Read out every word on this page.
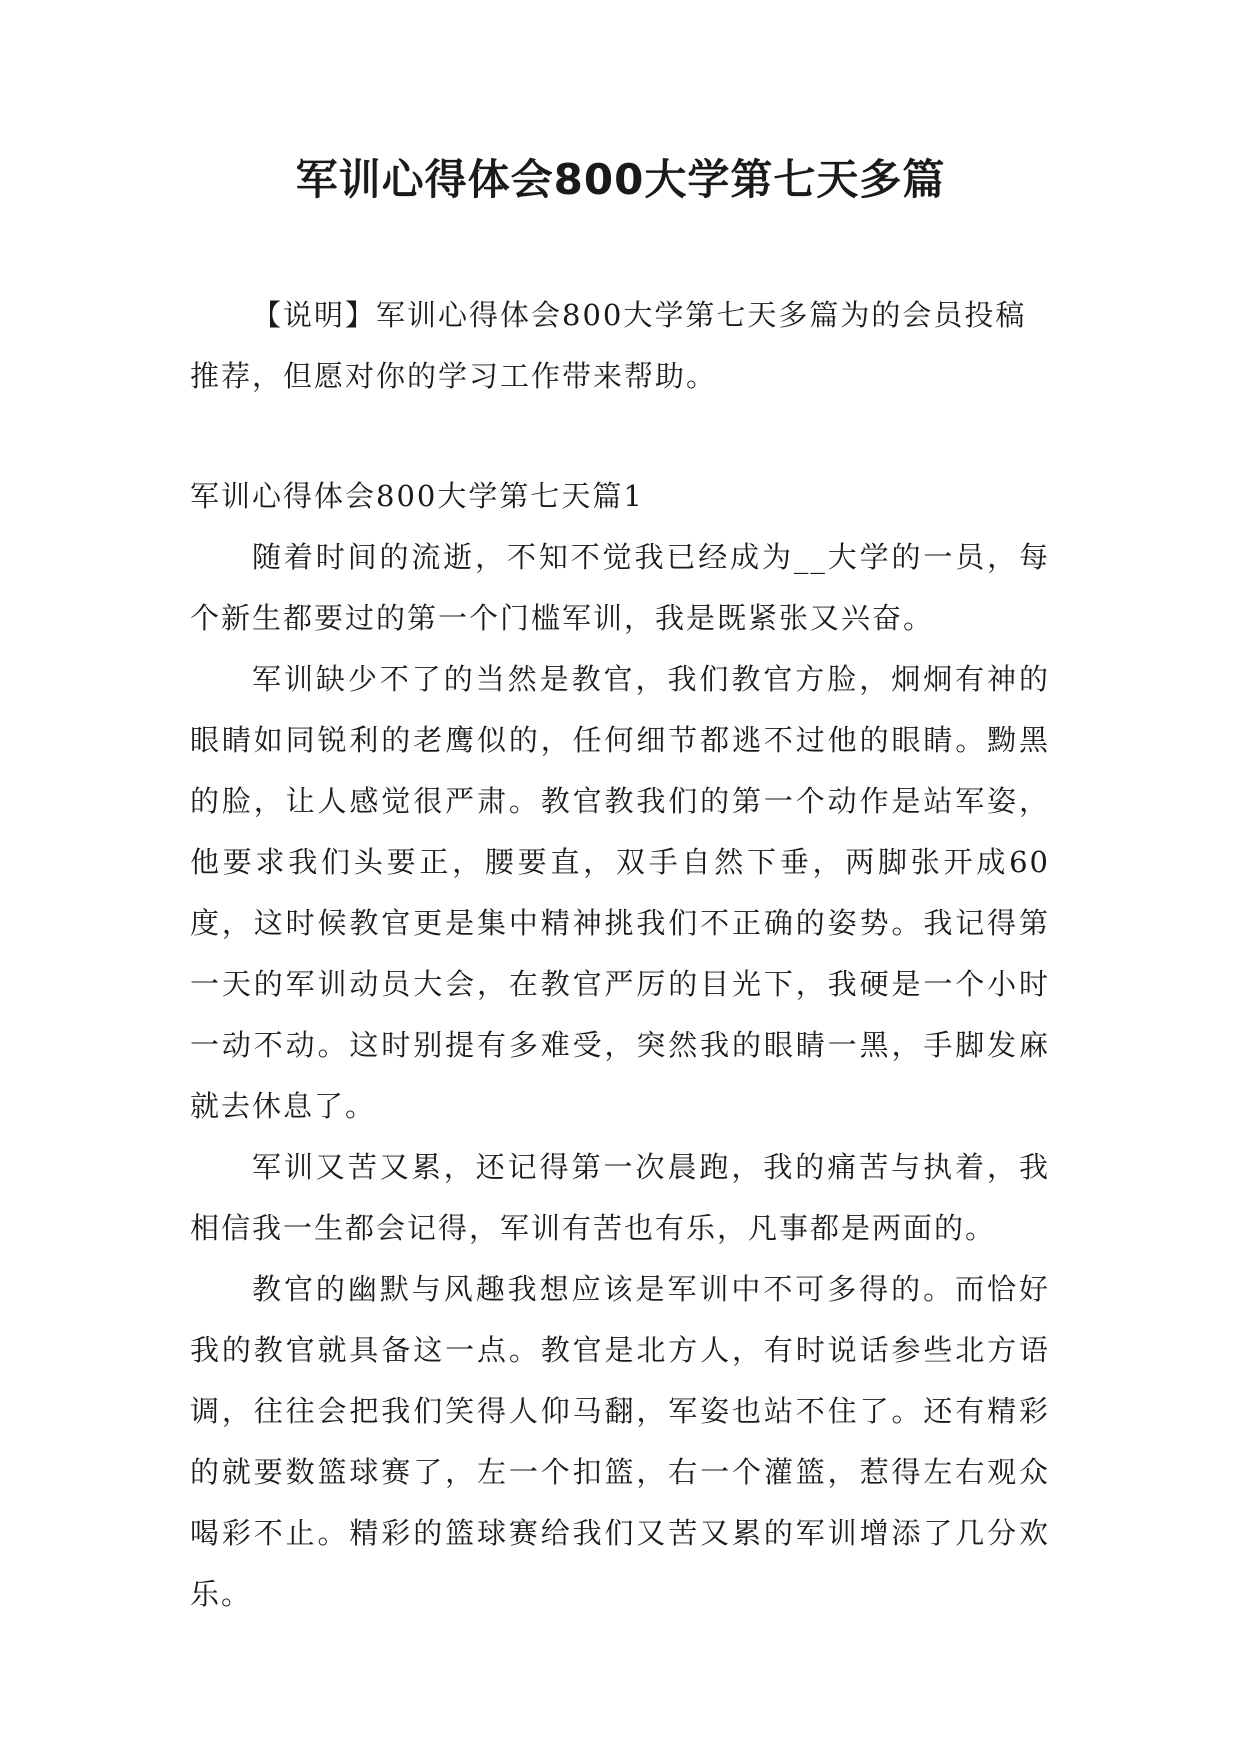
军训心得体会800大学第七天多篇
【说明】军训心得体会800大学第七天多篇为的会员投稿推荐，但愿对你的学习工作带来帮助。
军训心得体会800大学第七天篇1

随着时间的流逝，不知不觉我已经成为__大学的一员，每个新生都要过的第一个门槛军训，我是既紧张又兴奋。

军训缺少不了的当然是教官，我们教官方脸，炯炯有神的眼睛如同锐利的老鹰似的，任何细节都逃不过他的眼睛。黝黑的脸，让人感觉很严肃。教官教我们的第一个动作是站军姿，他要求我们头要正，腰要直，双手自然下垂，两脚张开成60度，这时候教官更是集中精神挑我们不正确的姿势。我记得第一天的军训动员大会，在教官严厉的目光下，我硬是一个小时一动不动。这时别提有多难受，突然我的眼睛一黑，手脚发麻就去休息了。

军训又苦又累，还记得第一次晨跑，我的痛苦与执着，我相信我一生都会记得，军训有苦也有乐，凡事都是两面的。

教官的幽默与风趣我想应该是军训中不可多得的。而恰好我的教官就具备这一点。教官是北方人，有时说话参些北方语调，往往会把我们笑得人仰马翻，军姿也站不住了。还有精彩的就要数篮球赛了，左一个扣篮，右一个灌篮，惹得左右观众喝彩不止。精彩的篮球赛给我们又苦又累的军训增添了几分欢乐。
